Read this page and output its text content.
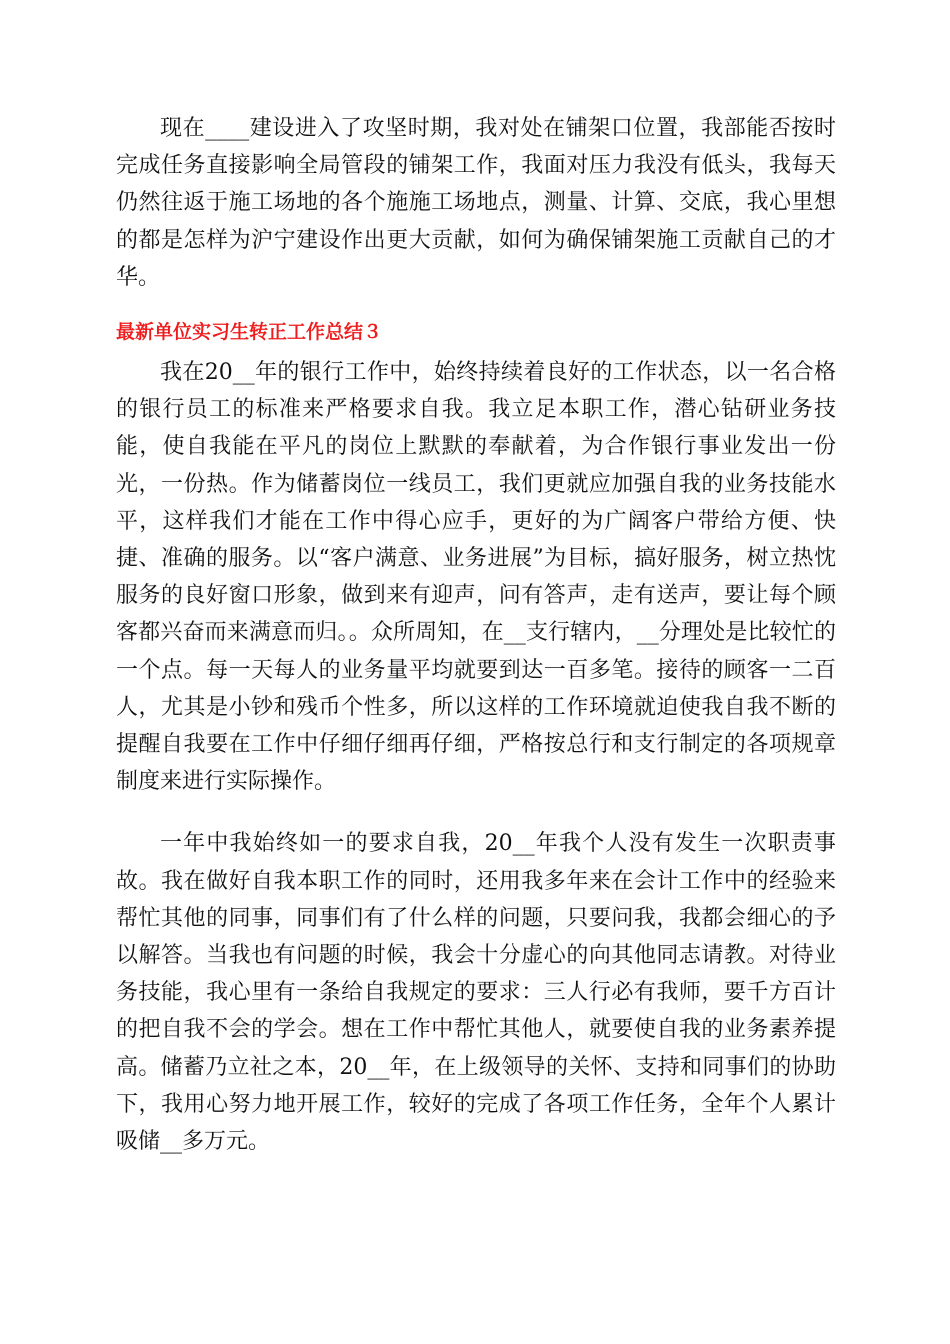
现在____建设进入了攻坚时期，我对处在铺架口位置，我部能否按时完成任务直接影响全局管段的铺架工作，我面对压力我没有低头，我每天仍然往返于施工场地的各个施施工场地点，测量、计算、交底，我心里想的都是怎样为沪宁建设作出更大贡献，如何为确保铺架施工贡献自己的才华。

最新单位实习生转正工作总结３

我在20__年的银行工作中，始终持续着良好的工作状态，以一名合格的银行员工的标准来严格要求自我。我立足本职工作，潜心钻研业务技能，使自我能在平凡的岗位上默默的奉献着，为合作银行事业发出一份光，一份热。作为储蓄岗位一线员工，我们更就应加强自我的业务技能水平，这样我们才能在工作中得心应手，更好的为广阔客户带给方便、快捷、准确的服务。以“客户满意、业务进展”为目标，搞好服务，树立热忱服务的良好窗口形象，做到来有迎声，问有答声，走有送声，要让每个顾客都兴奋而来满意而归。。众所周知，在__支行辖内，__分理处是比较忙的一个点。每一天每人的业务量平均就要到达一百多笔。接待的顾客一二百人，尤其是小钞和残币个性多，所以这样的工作环境就迫使我自我不断的提醒自我要在工作中仔细仔细再仔细，严格按总行和支行制定的各项规章制度来进行实际操作。

一年中我始终如一的要求自我，20__年我个人没有发生一次职责事故。我在做好自我本职工作的同时，还用我多年来在会计工作中的经验来帮忙其他的同事，同事们有了什么样的问题，只要问我，我都会细心的予以解答。当我也有问题的时候，我会十分虚心的向其他同志请教。对待业务技能，我心里有一条给自我规定的要求：三人行必有我师，要千方百计的把自我不会的学会。想在工作中帮忙其他人，就要使自我的业务素养提高。储蓄乃立社之本，20__年，在上级领导的关怀、支持和同事们的协助下，我用心努力地开展工作，较好的完成了各项工作任务，全年个人累计吸储__多万元。
